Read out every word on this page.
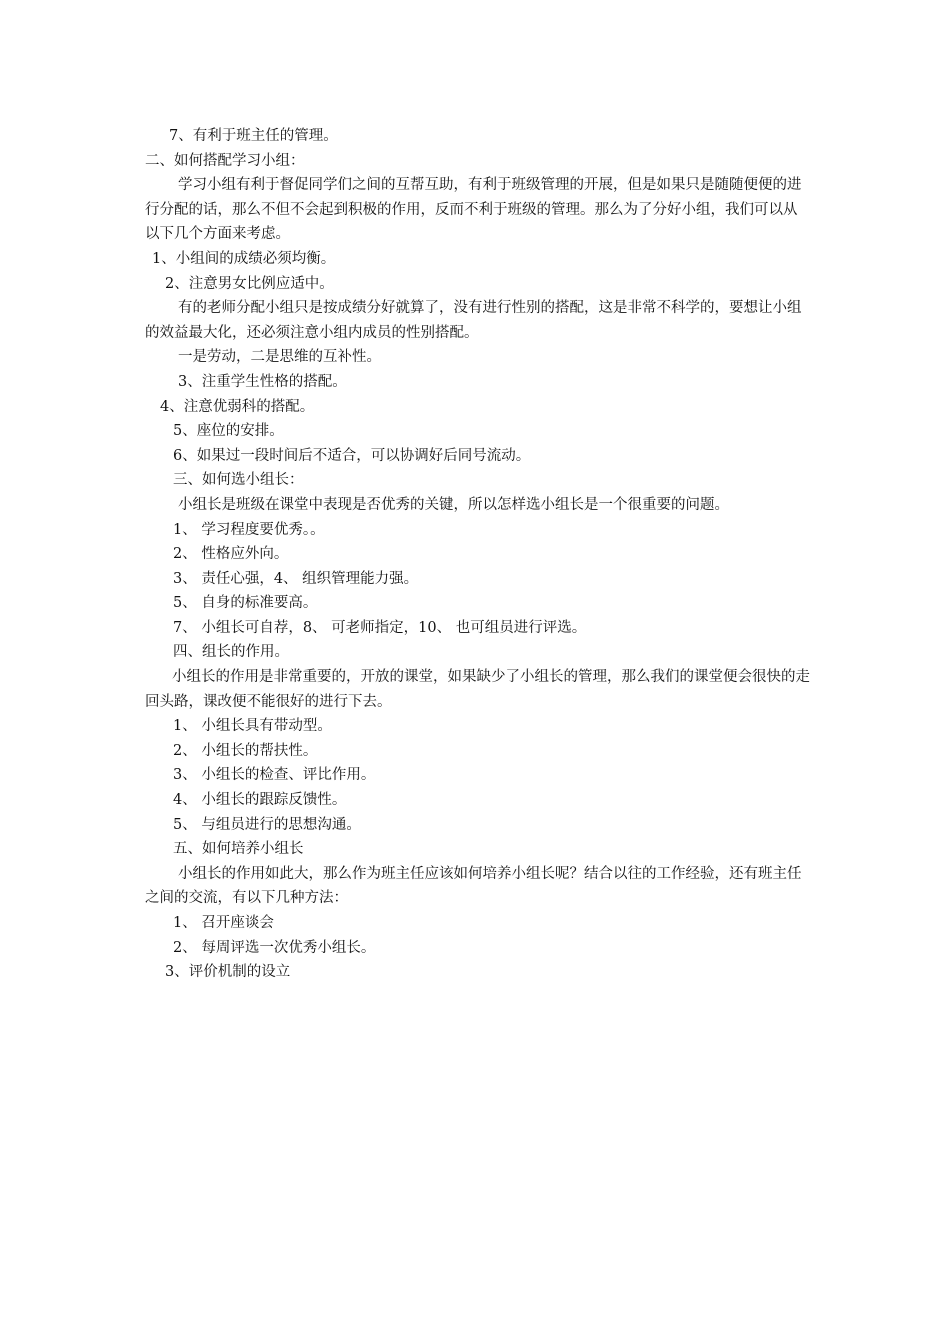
7、有利于班主任的管理。

二、如何搭配学习小组：

学习小组有利于督促同学们之间的互帮互助，有利于班级管理的开展，但是如果只是随随便便的进行分配的话，那么不但不会起到积极的作用，反而不利于班级的管理。那么为了分好小组，我们可以从以下几个方面来考虑。

1、小组间的成绩必须均衡。

2、注意男女比例应适中。

有的老师分配小组只是按成绩分好就算了，没有进行性别的搭配，这是非常不科学的，要想让小组的效益最大化，还必须注意小组内成员的性别搭配。

一是劳动，二是思维的互补性。

3、注重学生性格的搭配。

4、注意优弱科的搭配。

5、座位的安排。

6、如果过一段时间后不适合，可以协调好后同号流动。

三、如何选小组长：

小组长是班级在课堂中表现是否优秀的关键，所以怎样选小组长是一个很重要的问题。

1、 学习程度要优秀。。

2、 性格应外向。

3、 责任心强，4、 组织管理能力强。

5、 自身的标准要高。

7、 小组长可自荐，8、 可老师指定，10、 也可组员进行评选。

四、组长的作用。

小组长的作用是非常重要的，开放的课堂，如果缺少了小组长的管理，那么我们的课堂便会很快的走回头路，课改便不能很好的进行下去。

1、 小组长具有带动型。

2、 小组长的帮扶性。

3、 小组长的检查、评比作用。

4、 小组长的跟踪反馈性。

5、 与组员进行的思想沟通。

五、如何培养小组长

小组长的作用如此大，那么作为班主任应该如何培养小组长呢？结合以往的工作经验，还有班主任之间的交流，有以下几种方法：

1、 召开座谈会

2、 每周评选一次优秀小组长。

3、评价机制的设立
